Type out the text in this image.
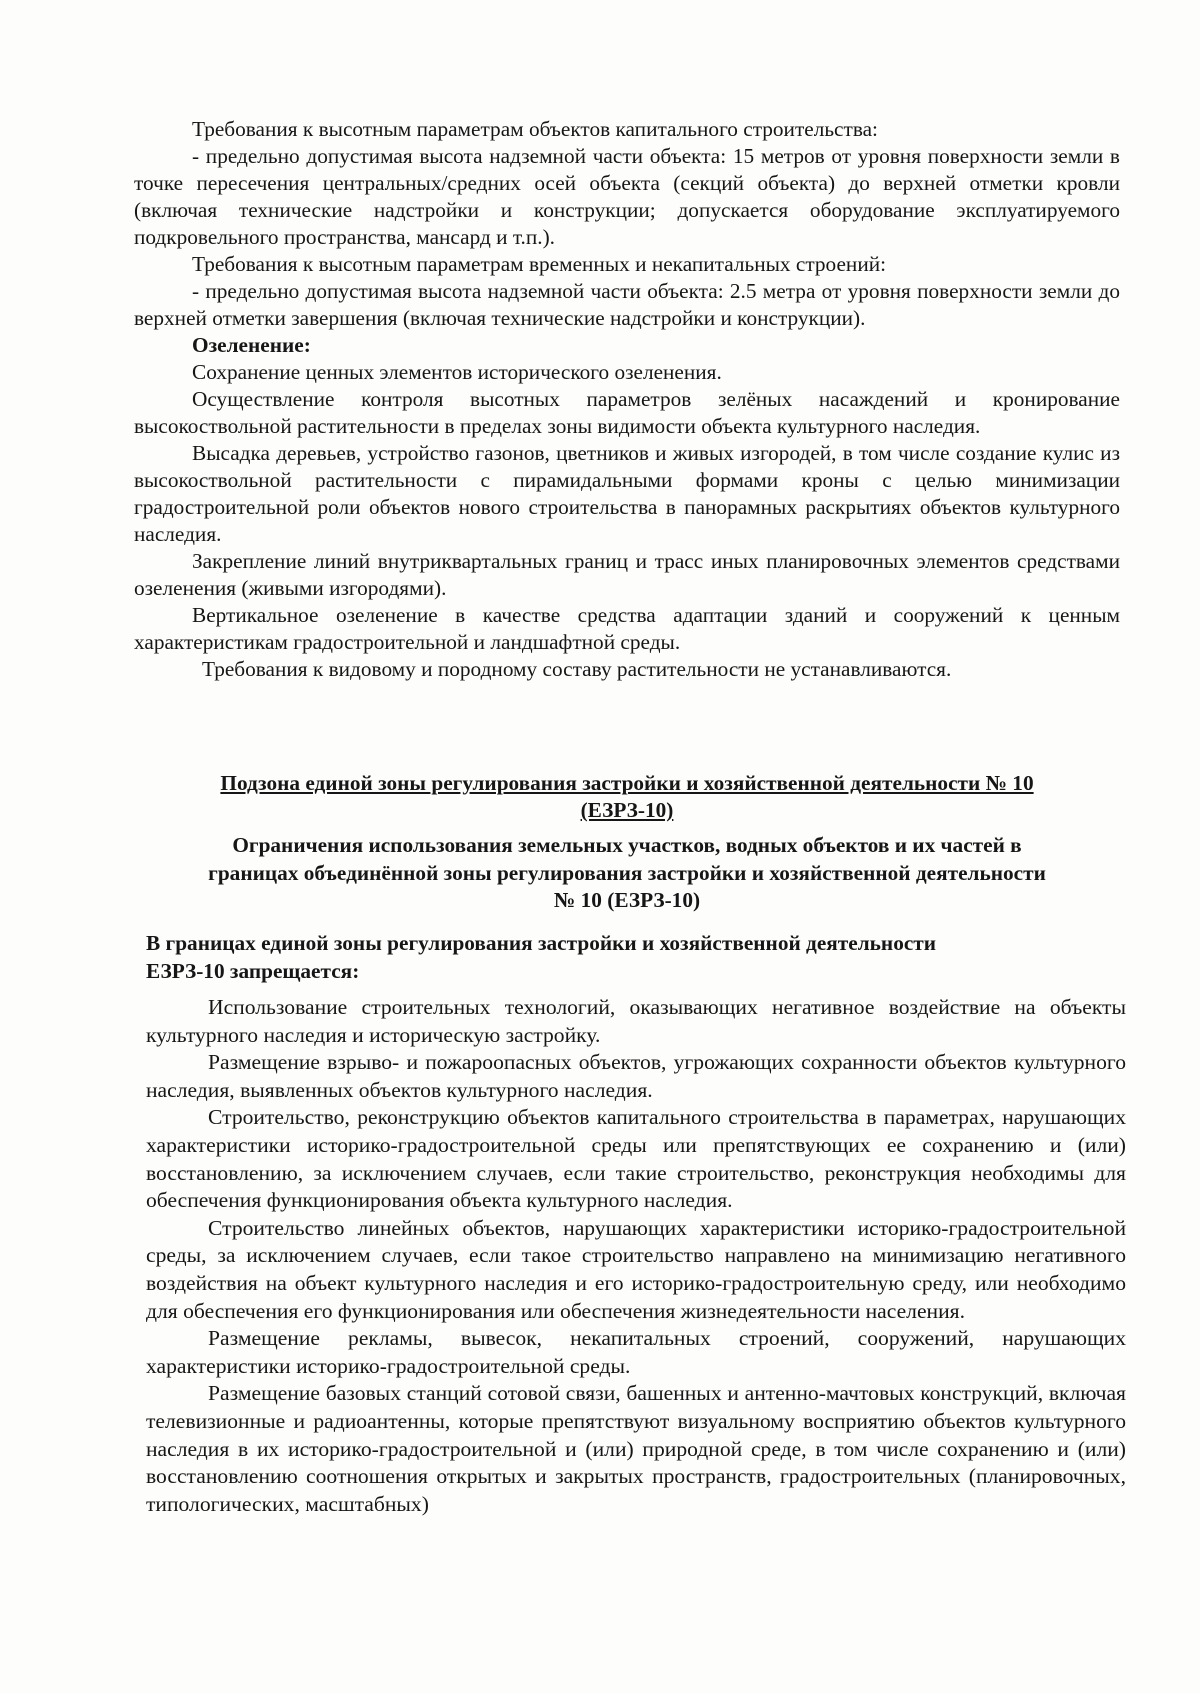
Требования к высотным параметрам объектов капитального строительства:

- предельно допустимая высота надземной части объекта: 15 метров от уровня поверхности земли в точке пересечения центральных/средних осей объекта (секций объекта) до верхней отметки кровли (включая технические надстройки и конструкции; допускается оборудование эксплуатируемого подкровельного пространства, мансард и т.п.).

Требования к высотным параметрам временных и некапитальных строений:

- предельно допустимая высота надземной части объекта: 2.5 метра от уровня поверхности земли до верхней отметки завершения (включая технические надстройки и конструкции).

Озеленение:

Сохранение ценных элементов исторического озеленения.

Осуществление контроля высотных параметров зелёных насаждений и кронирование высокоствольной растительности в пределах зоны видимости объекта культурного наследия.

Высадка деревьев, устройство газонов, цветников и живых изгородей, в том числе создание кулис из высокоствольной растительности с пирамидальными формами кроны с целью минимизации градостроительной роли объектов нового строительства в панорамных раскрытиях объектов культурного наследия.

Закрепление линий внутриквартальных границ и трасс иных планировочных элементов средствами озеленения (живыми изгородями).

Вертикальное озеленение в качестве средства адаптации зданий и сооружений к ценным характеристикам градостроительной и ландшафтной среды.

Требования к видовому и породному составу растительности не устанавливаются.

Подзона единой зоны регулирования застройки и хозяйственной деятельности № 10
(ЕЗРЗ-10)
Ограничения использования земельных участков, водных объектов и их частей в
границах объединённой зоны регулирования застройки и хозяйственной деятельности
№ 10 (ЕЗРЗ-10)
В границах единой зоны регулирования застройки и хозяйственной деятельности
ЕЗРЗ-10 запрещается:

Использование строительных технологий, оказывающих негативное воздействие на объекты культурного наследия и историческую застройку.

Размещение взрыво- и пожароопасных объектов, угрожающих сохранности объектов культурного наследия, выявленных объектов культурного наследия.

Строительство, реконструкцию объектов капитального строительства в параметрах, нарушающих характеристики историко-градостроительной среды или препятствующих ее сохранению и (или) восстановлению, за исключением случаев, если такие строительство, реконструкция необходимы для обеспечения функционирования объекта культурного наследия.

Строительство линейных объектов, нарушающих характеристики историко-градостроительной среды, за исключением случаев, если такое строительство направлено на минимизацию негативного воздействия на объект культурного наследия и его историко-градостроительную среду, или необходимо для обеспечения его функционирования или обеспечения жизнедеятельности населения.

Размещение рекламы, вывесок, некапитальных строений, сооружений, нарушающих характеристики историко-градостроительной среды.

Размещение базовых станций сотовой связи, башенных и антенно-мачтовых конструкций, включая телевизионные и радиоантенны, которые препятствуют визуальному восприятию объектов культурного наследия в их историко-градостроительной и (или) природной среде, в том числе сохранению и (или) восстановлению соотношения открытых и закрытых пространств, градостроительных (планировочных, типологических, масштабных)
